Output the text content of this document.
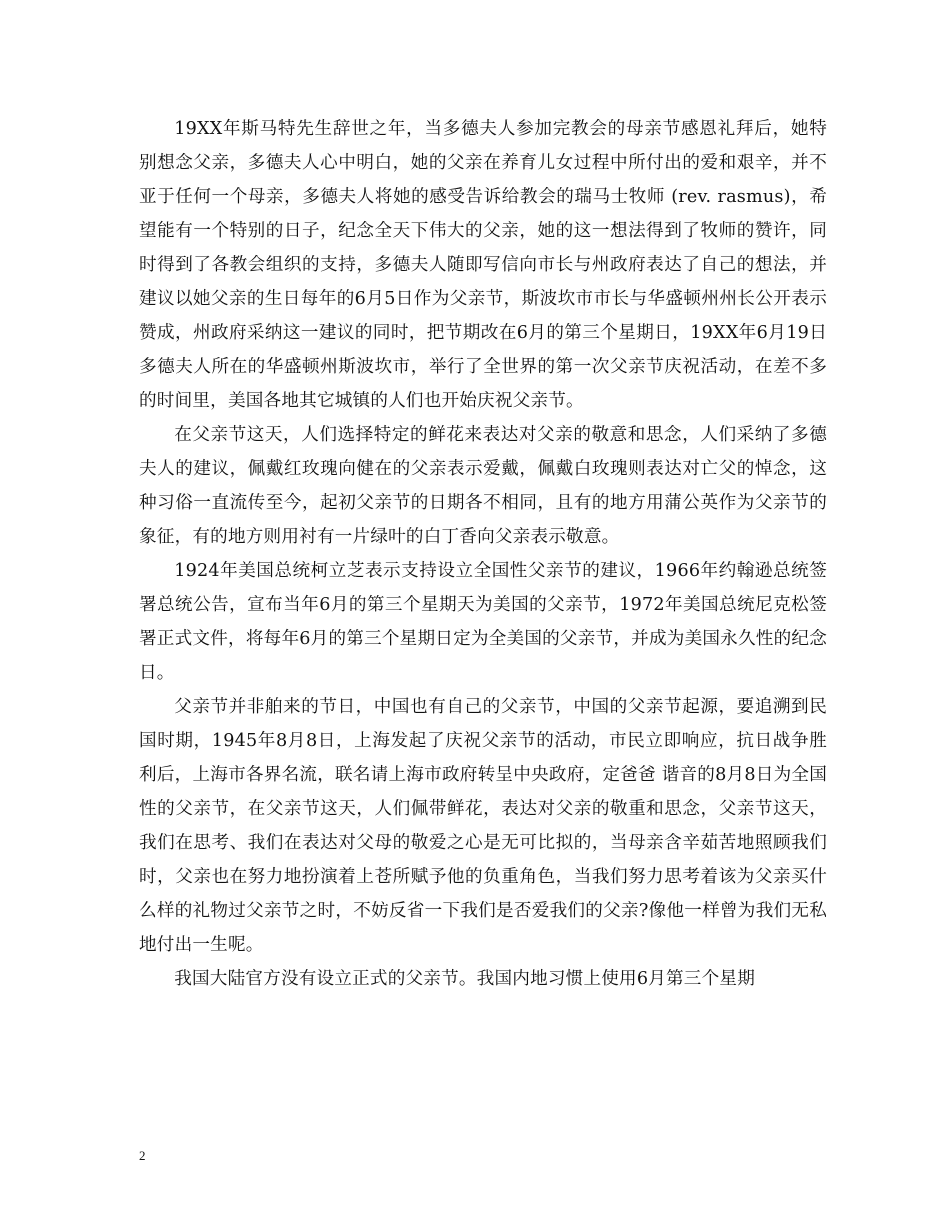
19XX年斯马特先生辞世之年，当多德夫人参加完教会的母亲节感恩礼拜后，她特别想念父亲，多德夫人心中明白，她的父亲在养育儿女过程中所付出的爱和艰辛，并不亚于任何一个母亲，多德夫人将她的感受告诉给教会的瑞马士牧师 (rev. rasmus)，希望能有一个特别的日子，纪念全天下伟大的父亲，她的这一想法得到了牧师的赞许，同时得到了各教会组织的支持，多德夫人随即写信向市长与州政府表达了自己的想法，并建议以她父亲的生日每年的6月5日作为父亲节，斯波坎市市长与华盛顿州州长公开表示赞成，州政府采纳这一建议的同时，把节期改在6月的第三个星期日，19XX年6月19日多德夫人所在的华盛顿州斯波坎市，举行了全世界的第一次父亲节庆祝活动，在差不多的时间里，美国各地其它城镇的人们也开始庆祝父亲节。

在父亲节这天，人们选择特定的鲜花来表达对父亲的敬意和思念，人们采纳了多德夫人的建议，佩戴红玫瑰向健在的父亲表示爱戴，佩戴白玫瑰则表达对亡父的悼念，这种习俗一直流传至今，起初父亲节的日期各不相同，且有的地方用蒲公英作为父亲节的象征，有的地方则用衬有一片绿叶的白丁香向父亲表示敬意。

1924年美国总统柯立芝表示支持设立全国性父亲节的建议，1966年约翰逊总统签署总统公告，宣布当年6月的第三个星期天为美国的父亲节，1972年美国总统尼克松签署正式文件，将每年6月的第三个星期日定为全美国的父亲节，并成为美国永久性的纪念日。

父亲节并非舶来的节日，中国也有自己的父亲节，中国的父亲节起源，要追溯到民国时期，1945年8月8日，上海发起了庆祝父亲节的活动，市民立即响应，抗日战争胜利后，上海市各界名流，联名请上海市政府转呈中央政府，定爸爸 谐音的8月8日为全国性的父亲节，在父亲节这天，人们佩带鲜花，表达对父亲的敬重和思念，父亲节这天，我们在思考、我们在表达对父母的敬爱之心是无可比拟的，当母亲含辛茹苦地照顾我们时，父亲也在努力地扮演着上苍所赋予他的负重角色，当我们努力思考着该为父亲买什么样的礼物过父亲节之时，不妨反省一下我们是否爱我们的父亲?像他一样曾为我们无私地付出一生呢。

我国大陆官方没有设立正式的父亲节。我国内地习惯上使用6月第三个星期

2
